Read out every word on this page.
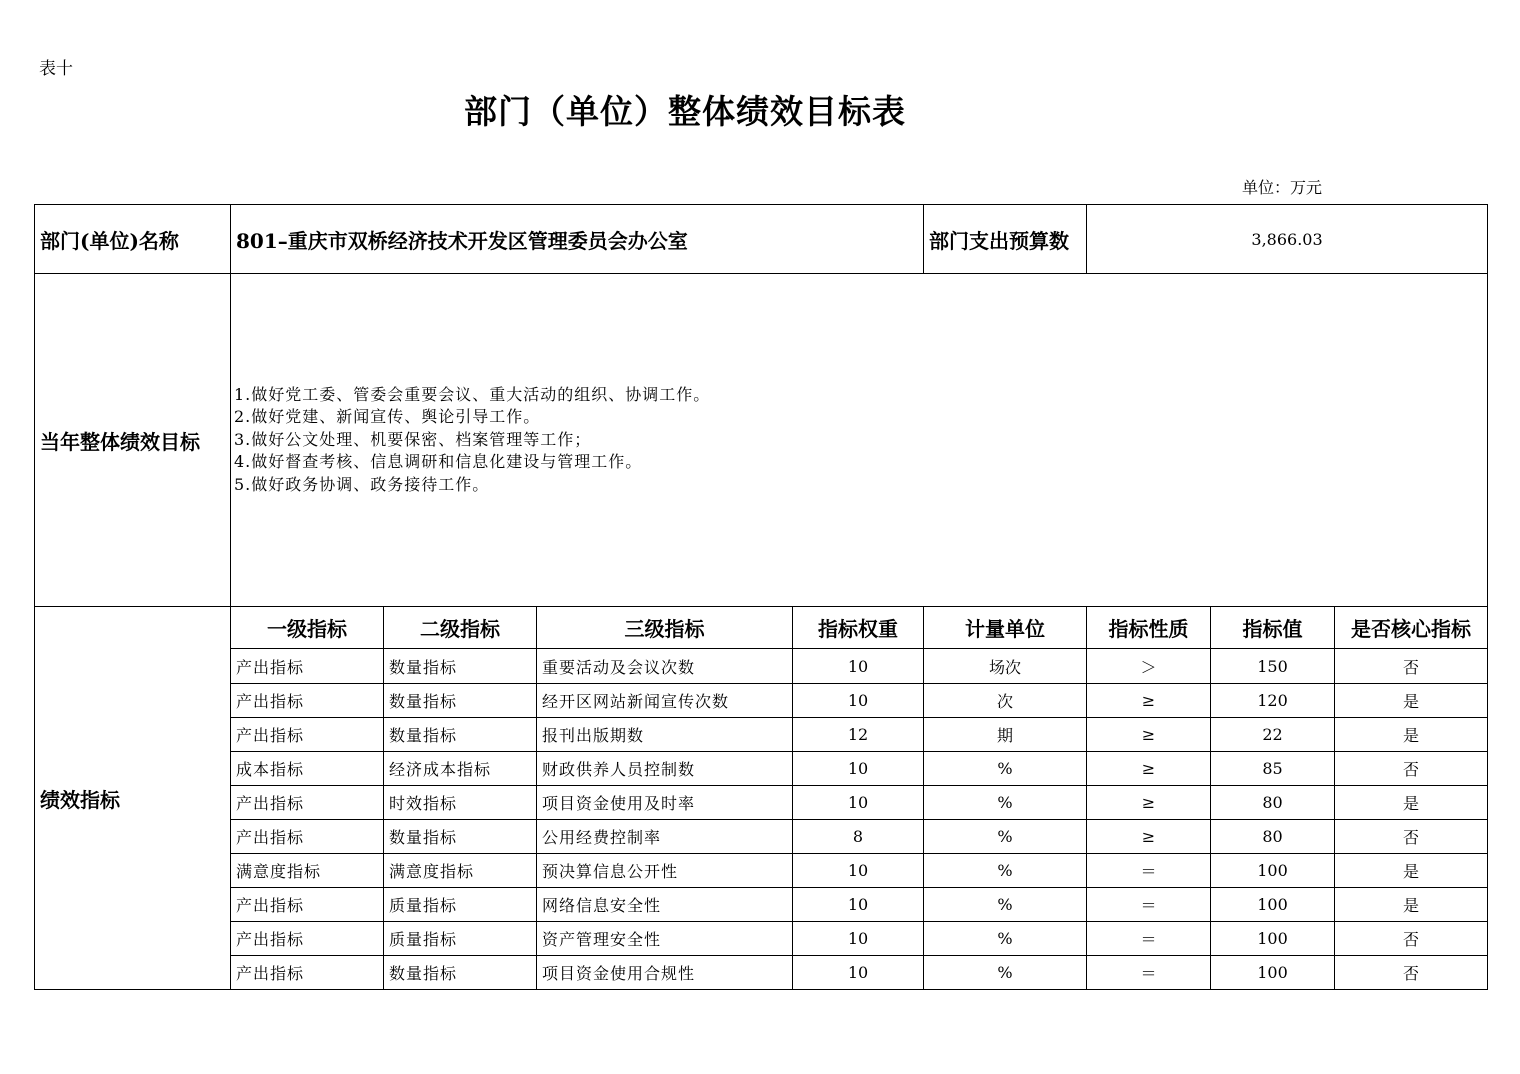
表十
部门（单位）整体绩效目标表
单位：万元
部门(单位)名称	801–重庆市双桥经济技术开发区管理委员会办公室				部门支出预算数	3,866.03		
当年整体绩效目标	1.做好党工委、管委会重要会议、重大活动的组织、协调工作。
2.做好党建、新闻宣传、舆论引导工作。
3.做好公文处理、机要保密、档案管理等工作；
4.做好督查考核、信息调研和信息化建设与管理工作。
5.做好政务协调、政务接待工作。							

绩效指标	一级指标	二级指标	三级指标	指标权重	计量单位	指标性质	指标值	是否核心指标
	产出指标	数量指标	重要活动及会议次数	10	场次	＞	150	否
	产出指标	数量指标	经开区网站新闻宣传次数	10	次	≥	120	是
	产出指标	数量指标	报刊出版期数	12	期	≥	22	是
	成本指标	经济成本指标	财政供养人员控制数	10	%	≥	85	否
	产出指标	时效指标	项目资金使用及时率	10	%	≥	80	是
	产出指标	数量指标	公用经费控制率	8	%	≥	80	否
	满意度指标	满意度指标	预决算信息公开性	10	%	＝	100	是
	产出指标	质量指标	网络信息安全性	10	%	＝	100	是
	产出指标	质量指标	资产管理安全性	10	%	＝	100	否
	产出指标	数量指标	项目资金使用合规性	10	%	＝	100	否
